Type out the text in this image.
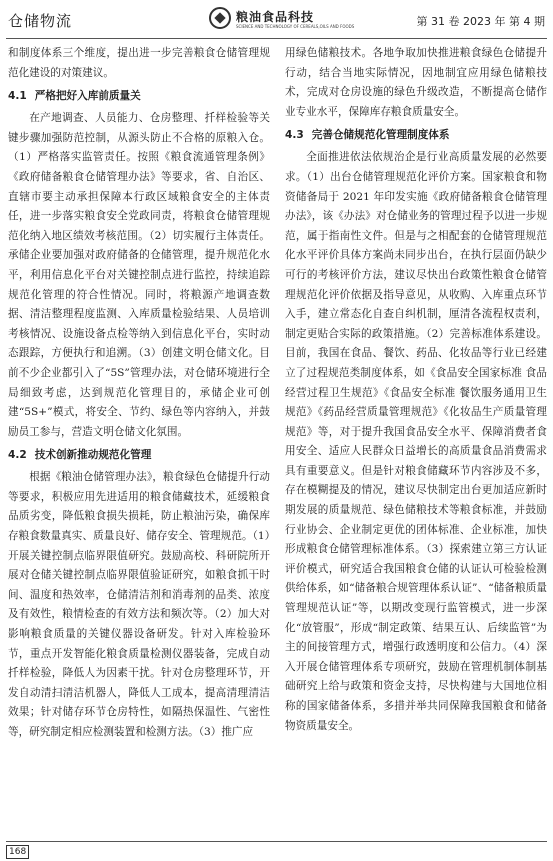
仓储物流	粮油食品科技
SCIENCE AND TECHNOLOGY OF CEREALS,OILS AND FOODS	第 31 卷 2023 年 第 4 期

和制度体系三个维度，提出进一步完善粮食仓储管理规范化建设的对策建议。

4.1 严格把好入库前质量关

在产地调查、人员能力、仓房整理、扦样检验等关键步骤加强防范控制，从源头防止不合格的原粮入仓。（1）严格落实监管责任。按照《粮食流通管理条例》《政府储备粮食仓储管理办法》等要求，省、自治区、直辖市要主动承担保障本行政区域粮食安全的主体责任，进一步落实粮食安全党政同责，将粮食仓储管理规范化纳入地区绩效考核范围。（2）切实履行主体责任。承储企业要加强对政府储备的仓储管理，提升规范化水平，利用信息化平台对关键控制点进行监控，持续追踪规范化管理的符合性情况。同时，将粮源产地调查数据、清洁整理程度监测、入库质量检验结果、人员培训考核情况、设施设备点检等纳入到信息化平台，实时动态跟踪，方便执行和追溯。（3）创建文明仓储文化。目前不少企业都引入了“5S”管理办法，对仓储环境进行全局细致考虑，达到规范化管理目的，承储企业可创建“5S+”模式，将安全、节约、绿色等内容纳入，并鼓励员工参与，营造文明仓储文化氛围。

4.2 技术创新推动规范化管理

根据《粮油仓储管理办法》，粮食绿色仓储提升行动等要求，积极应用先进适用的粮食储藏技术，延缓粮食品质劣变，降低粮食损失损耗，防止粮油污染，确保库存粮食数量真实、质量良好、储存安全、管理规范。（1）开展关键控制点临界限值研究。鼓励高校、科研院所开展对仓储关键控制点临界限值验证研究，如粮食抓干时间、温度和热效率，仓储清洁剂和消毒剂的品类、浓度及有效性，粮情检查的有效方法和频次等。（2）加大对影响粮食质量的关键仪器设备研发。针对入库检验环节，重点开发智能化粮食质量检测仪器装备，完成自动扦样检验，降低人为因素干扰。针对仓房整理环节，开发自动清扫清洁机器人，降低人工成本，提高清理清洁效果；针对储存环节仓房特性，如隔热保温性、气密性等，研究制定相应检测装置和检测方法。（3）推广应

用绿色储粮技术。各地争取加快推进粮食绿色仓储提升行动，结合当地实际情况，因地制宜应用绿色储粮技术，完成对仓房设施的绿色升级改造，不断提高仓储作业专业水平，保障库存粮食质量安全。

4.3 完善仓储规范化管理制度体系

全面推进依法依规治企是行业高质量发展的必然要求。（1）出台仓储管理规范化评价方案。国家粮食和物资储备局于 2021 年印发实施《政府储备粮食仓储管理办法》，该《办法》对仓储业务的管理过程予以进一步规范，属于指南性文件。但是与之相配套的仓储管理规范化水平评价具体方案尚未同步出台，在执行层面仍缺少可行的考核评价方法，建议尽快出台政策性粮食仓储管理规范化评价依据及指导意见，从收购、入库重点环节入手，建立常态化自查自纠机制，厘清各流程权责利，制定更贴合实际的政策措施。（2）完善标准体系建设。目前，我国在食品、餐饮、药品、化妆品等行业已经建立了过程规范类制度体系，如《食品安全国家标准 食品经营过程卫生规范》《食品安全标准 餐饮服务通用卫生规范》《药品经营质量管理规范》《化妆品生产质量管理规范》等，对于提升我国食品安全水平、保障消费者食用安全、适应人民群众日益增长的高质量食品消费需求具有重要意义。但是针对粮食储藏环节内容涉及不多，存在模糊提及的情况，建议尽快制定出台更加适应新时期发展的质量规范、绿色储粮技术等粮食标准，并鼓励行业协会、企业制定更优的团体标准、企业标准，加快形成粮食仓储管理标准体系。（3）探索建立第三方认证评价模式，研究适合我国粮食仓储的认证认可检验检测供给体系，如“储备粮合规管理体系认证”、“储备粮质量管理规范认证”等，以期改变现行监管模式，进一步深化“放管服”，形成“制定政策、结果互认、后续监管”为主的间接管理方式，增强行政透明度和公信力。（4）深入开展仓储管理体系专项研究，鼓励在管理机制体制基础研究上给与政策和资金支持，尽快构建与大国地位相称的国家储备体系，多措并举共同保障我国粮食和储备物资质量安全。

168
